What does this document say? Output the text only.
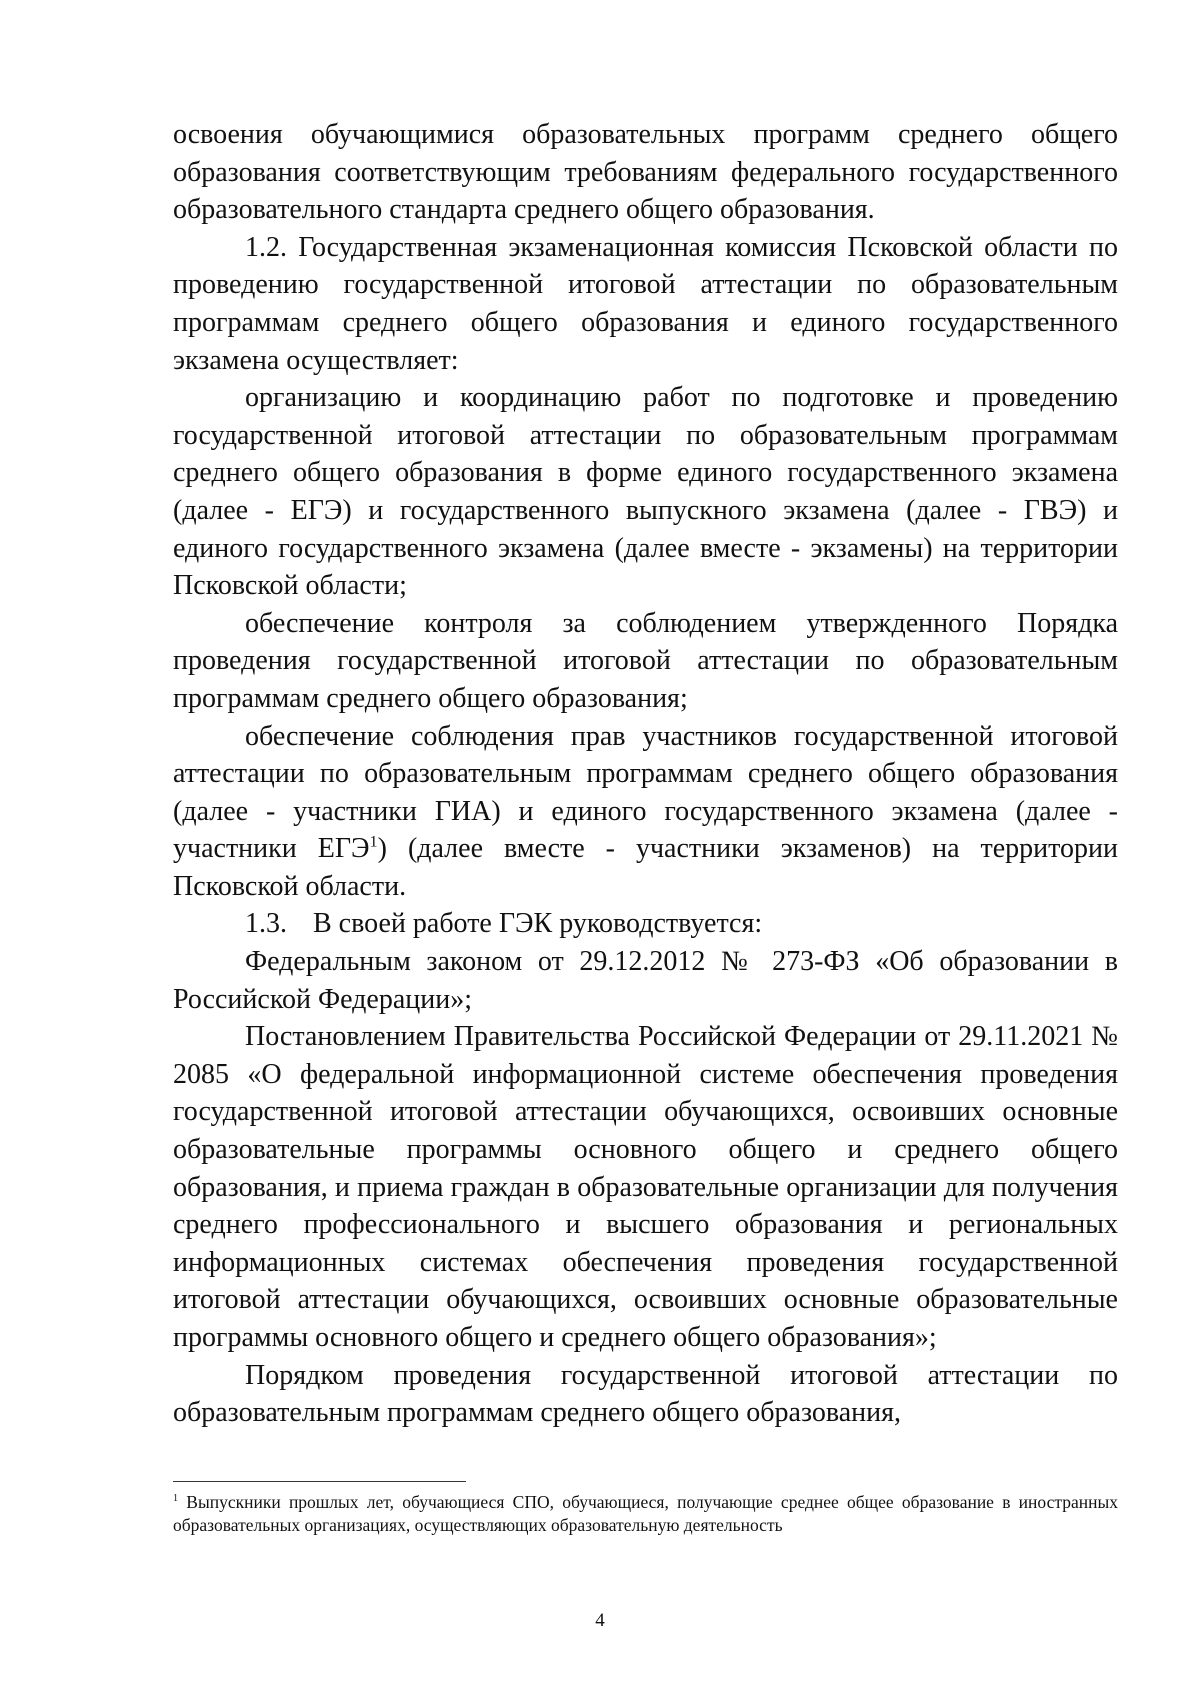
освоения обучающимися образовательных программ среднего общего образования соответствующим требованиям федерального государственного образовательного стандарта среднего общего образования.

1.2. Государственная экзаменационная комиссия Псковской области по проведению государственной итоговой аттестации по образовательным программам среднего общего образования и единого государственного экзамена осуществляет:

организацию и координацию работ по подготовке и проведению государственной итоговой аттестации по образовательным программам среднего общего образования в форме единого государственного экзамена (далее - ЕГЭ) и государственного выпускного экзамена (далее - ГВЭ) и единого государственного экзамена (далее вместе - экзамены) на территории Псковской области;

обеспечение контроля за соблюдением утвержденного Порядка проведения государственной итоговой аттестации по образовательным программам среднего общего образования;

обеспечение соблюдения прав участников государственной итоговой аттестации по образовательным программам среднего общего образования (далее - участники ГИА) и единого государственного экзамена (далее - участники ЕГЭ$^1$) (далее вместе - участники экзаменов) на территории Псковской области.

1.3. В своей работе ГЭК руководствуется:

Федеральным законом от 29.12.2012 № 273-ФЗ «Об образовании в Российской Федерации»;

Постановлением Правительства Российской Федерации от 29.11.2021 № 2085 «О федеральной информационной системе обеспечения проведения государственной итоговой аттестации обучающихся, освоивших основные образовательные программы основного общего и среднего общего образования, и приема граждан в образовательные организации для получения среднего профессионального и высшего образования и региональных информационных системах обеспечения проведения государственной итоговой аттестации обучающихся, освоивших основные образовательные программы основного общего и среднего общего образования»;

Порядком проведения государственной итоговой аттестации по образовательным программам среднего общего образования,

$^1$ Выпускники прошлых лет, обучающиеся СПО, обучающиеся, получающие среднее общее образование в иностранных образовательных организациях, осуществляющих образовательную деятельность

4
